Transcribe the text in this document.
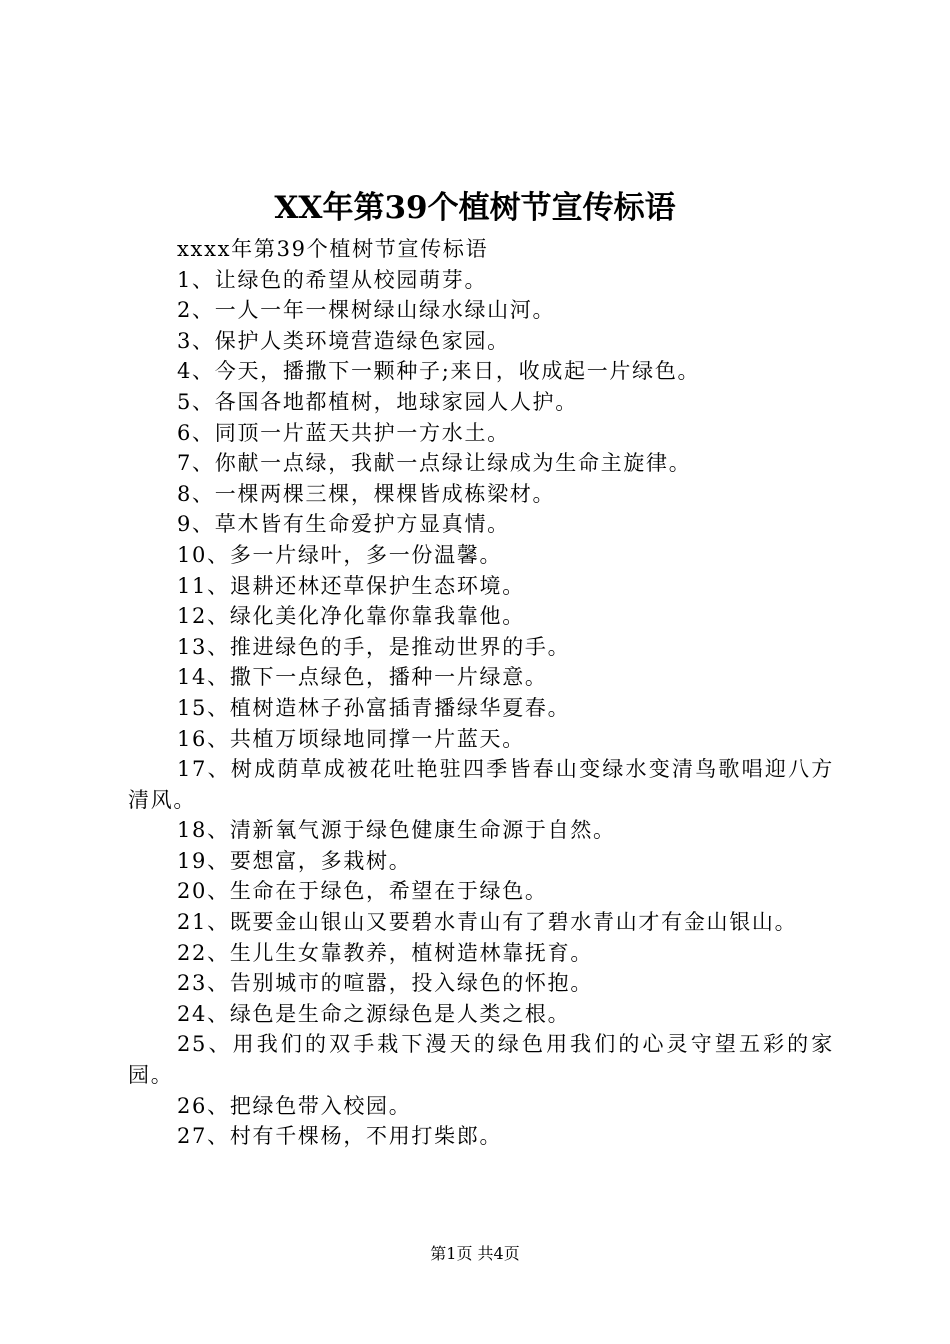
XX年第39个植树节宣传标语

xxxx年第39个植树节宣传标语

1、让绿色的希望从校园萌芽。

2、一人一年一棵树绿山绿水绿山河。

3、保护人类环境营造绿色家园。

4、今天，播撒下一颗种子;来日，收成起一片绿色。

5、各国各地都植树，地球家园人人护。

6、同顶一片蓝天共护一方水土。

7、你献一点绿，我献一点绿让绿成为生命主旋律。

8、一棵两棵三棵，棵棵皆成栋梁材。

9、草木皆有生命爱护方显真情。

10、多一片绿叶，多一份温馨。

11、退耕还林还草保护生态环境。

12、绿化美化净化靠你靠我靠他。

13、推进绿色的手，是推动世界的手。

14、撒下一点绿色，播种一片绿意。

15、植树造林子孙富插青播绿华夏春。

16、共植万顷绿地同撑一片蓝天。

17、树成荫草成被花吐艳驻四季皆春山变绿水变清鸟歌唱迎八方清风。

18、清新氧气源于绿色健康生命源于自然。

19、要想富，多栽树。

20、生命在于绿色，希望在于绿色。

21、既要金山银山又要碧水青山有了碧水青山才有金山银山。

22、生儿生女靠教养，植树造林靠抚育。

23、告别城市的喧嚣，投入绿色的怀抱。

24、绿色是生命之源绿色是人类之根。

25、用我们的双手栽下漫天的绿色用我们的心灵守望五彩的家园。

26、把绿色带入校园。

27、村有千棵杨，不用打柴郎。

第1页 共4页
